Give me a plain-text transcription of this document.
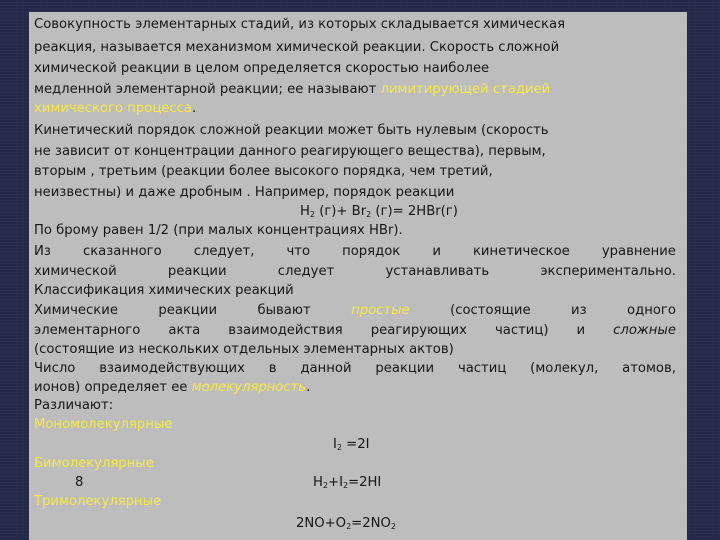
Совокупность элементарных стадий, из которых складывается химическая
реакция, называется механизмом химической реакции. Скорость сложной
химической реакции в целом определяется скоростью наиболее
медленной элементарной реакции; ее называют лимитирующей стадией
химического процесса.
Кинетический порядок сложной реакции может быть нулевым (скорость
не зависит от концентрации данного реагирующего вещества), первым,
вторым , третьим (реакции более высокого порядка, чем третий,
неизвестны) и даже дробным . Например, порядок реакции
$H_2$ $(г)+ Br_2$ (г)= 2HBr(г)
По брому равен 1/2 (при малых концентрациях HBr).
Из сказанного следует, что порядок и кинетическое уравнение
химической	реакции	следует	устанавливать	экспериментально.
Классификация химических реакций
Химические	реакции	бывают	простые	(состоящие	из	одного
элементарного акта взаимодействия реагирующих частиц) и сложные
(состоящие из нескольких отдельных элементарных актов)
Число взаимодействующих в данной реакции частиц (молекул, атомов,
ионов) определяет ее молекулярность.
Различают:
Мономолекулярные
$I_2 =2I$
Бимолекулярные
8	$H_2+I_2=2HI$
Тримолекулярные
$2NO+O_2=2NO_2$
